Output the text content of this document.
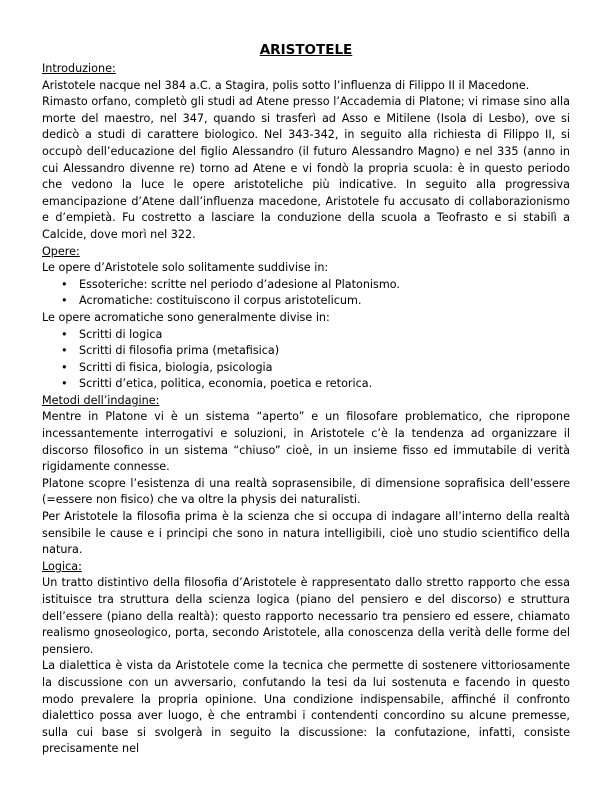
ARISTOTELE
Introduzione:

Aristotele nacque nel 384 a.C. a Stagira, polis sotto l’influenza di Filippo II il Macedone.

Rimasto orfano, completò gli studi ad Atene presso l’Accademia di Platone; vi rimase sino alla morte del maestro, nel 347, quando si trasferì ad Asso e Mitilene (Isola di Lesbo), ove si dedicò a studi di carattere biologico. Nel 343-342, in seguito alla richiesta di Filippo II, si occupò dell’educazione del figlio Alessandro (il futuro Alessandro Magno) e nel 335 (anno in cui Alessandro divenne re) torno ad Atene e vi fondò la propria scuola: è in questo periodo che vedono la luce le opere aristoteliche più indicative. In seguito alla progressiva emancipazione d’Atene dall’influenza macedone, Aristotele fu accusato di collaborazionismo e d’empietà. Fu costretto a lasciare la conduzione della scuola a Teofrasto e si stabilì a Calcide, dove morì nel 322.

Opere:

Le opere d’Aristotele solo solitamente suddivise in:

• Essoteriche: scritte nel periodo d’adesione al Platonismo.
• Acromatiche: costituiscono il corpus aristotelicum.

Le opere acromatiche sono generalmente divise in:

• Scritti di logica
• Scritti di filosofia prima (metafisica)
• Scritti di fisica, biologia, psicologia
• Scritti d’etica, politica, economia, poetica e retorica.
Metodi dell’indagine:

Mentre in Platone vi è un sistema “aperto” e un filosofare problematico, che ripropone incessantemente interrogativi e soluzioni, in Aristotele c’è la tendenza ad organizzare il discorso filosofico in un sistema “chiuso” cioè, in un insieme fisso ed immutabile di verità rigidamente connesse.

Platone scopre l’esistenza di una realtà soprasensibile, di dimensione soprafisica dell’essere (=essere non fisico) che va oltre la physis dei naturalisti.

Per Aristotele la filosofia prima è la scienza che si occupa di indagare all’interno della realtà sensibile le cause e i principi che sono in natura intelligibili, cioè uno studio scientifico della natura.

Logica:

Un tratto distintivo della filosofia d’Aristotele è rappresentato dallo stretto rapporto che essa istituisce tra struttura della scienza logica (piano del pensiero e del discorso) e struttura dell’essere (piano della realtà): questo rapporto necessario tra pensiero ed essere, chiamato realismo gnoseologico, porta, secondo Aristotele, alla conoscenza della verità delle forme del pensiero.

La dialettica è vista da Aristotele come la tecnica che permette di sostenere vittoriosamente la discussione con un avversario, confutando la tesi da lui sostenuta e facendo in questo modo prevalere la propria opinione. Una condizione indispensabile, affinché il confronto dialettico possa aver luogo, è che entrambi i contendenti concordino su alcune premesse, sulla cui base si svolgerà in seguito la discussione: la confutazione, infatti, consiste precisamente nel
